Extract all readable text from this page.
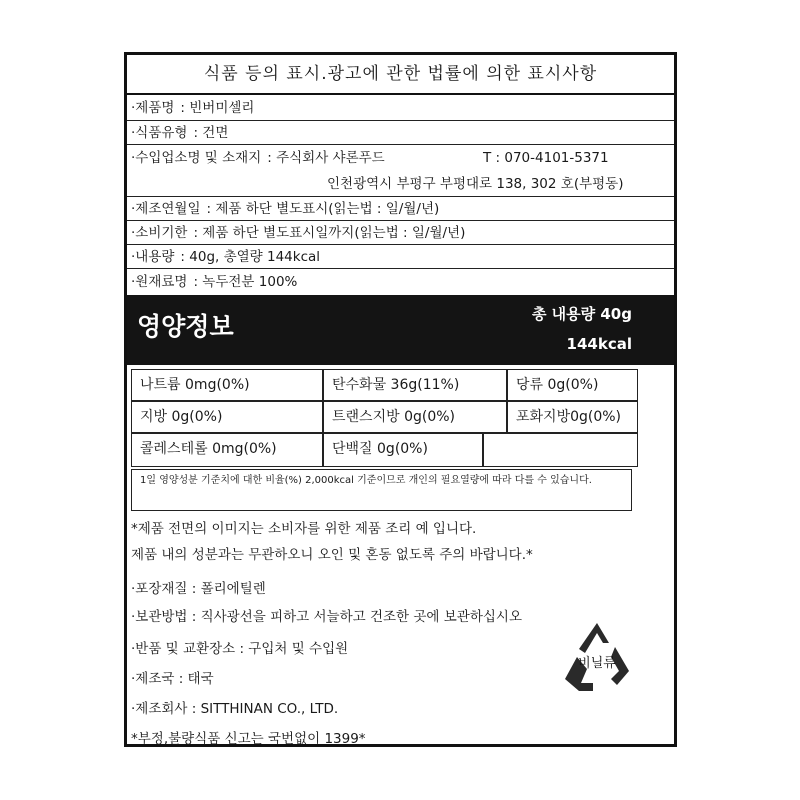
식품 등의 표시.광고에 관한 법률에 의한 표시사항
·제품명 : 빈버미셀리
·식품유형 : 건면
·수입업소명 및 소재지 : 주식회사 샤론푸드	T : 070-4101-5371
인천광역시 부평구 부평대로 138, 302 호(부평동)
·제조연월일 : 제품 하단 별도표시(읽는법 : 일/월/년)
·소비기한 : 제품 하단 별도표시일까지(읽는법 : 일/월/년)
·내용량 : 40g, 총열량 144kcal
·원재료명 : 녹두전분 100%
영양정보	총 내용량 40g
144kcal
나트륨 0mg(0%)	탄수화물 36g(11%)	당류 0g(0%)
지방 0g(0%)	트랜스지방 0g(0%)	포화지방0g(0%)
콜레스테롤 0mg(0%)	단백질 0g(0%)
1일 영양성분 기준치에 대한 비율(%) 2,000kcal 기준이므로 개인의 필요열량에 따라 다를 수 있습니다.
*제품 전면의 이미지는 소비자를 위한 제품 조리 예 입니다.
제품 내의 성분과는 무관하오니 오인 및 혼동 없도록 주의 바랍니다.*
·포장재질 : 폴리에틸렌
·보관방법 : 직사광선을 피하고 서늘하고 건조한 곳에 보관하십시오
·반품 및 교환장소 : 구입처 및 수입원
·제조국 : 태국
·제조회사 : SITTHINAN CO., LTD.
*부정,불량식품 신고는 국번없이 1399*
비닐류
